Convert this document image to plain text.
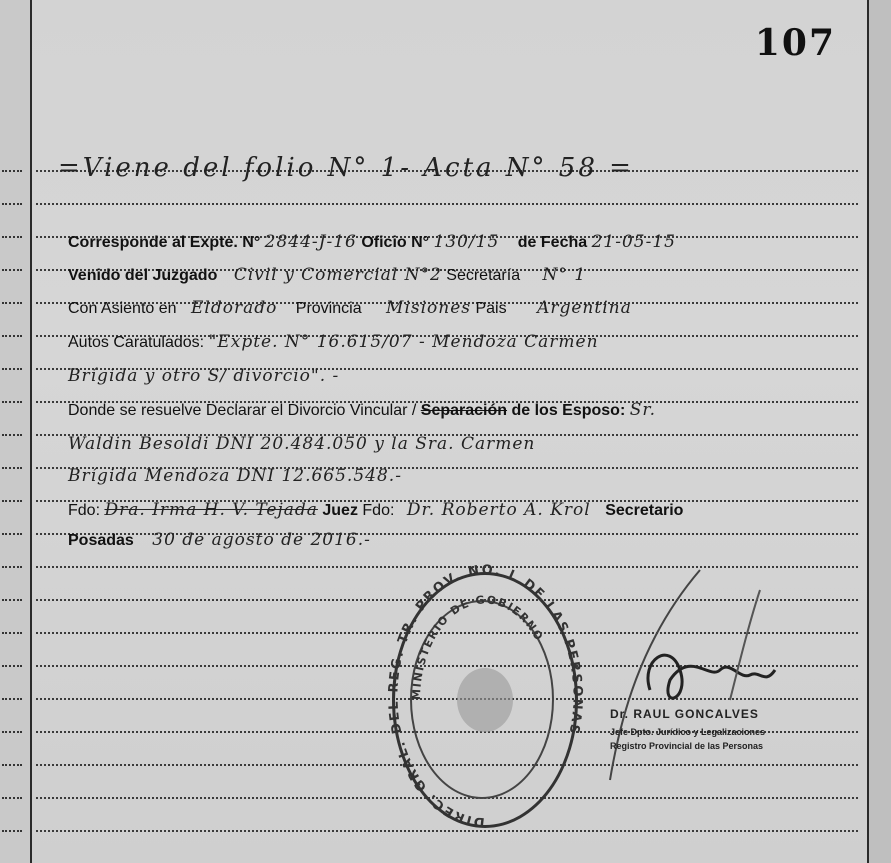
107
=Viene del folio N° 1- Acta N° 58 =
Corresponde al Expte. N° 2844-J-16 Oficio N° 130/15 de Fecha 21-05-15
Venido del Juzgado Civil y Comercial N°2 Secretaría N° 1
Con Asiento en Eldorado Provincia Misiones Pais Argentina
Autos Caratulados: "Expte. N° 16.615/07 - Mendoza Carmen
Brígida y otro S/ divorcio". -
Donde se resuelve Declarar el Divorcio Vincular / Separación de los Esposo: Sr.
Waldin Besoldi DNI 20.484.050 y la Sra. Carmen
Brígida Mendoza DNI 12.665.548.-
Fdo: Dra. Irma H. V. Tejada Juez Fdo: Dr. Roberto A. Krol Secretario
Posadas 30 de agosto de 2016.-
DIREC. GRAL. DEL REG. TR. PROV. NO. L DE LAS PERSONAS
MINISTERIO DE GOBIERNO
Dr. RAUL GONCALVES
Jefe Dpto. Jurídico y Legalizaciones
Registro Provincial de las Personas
